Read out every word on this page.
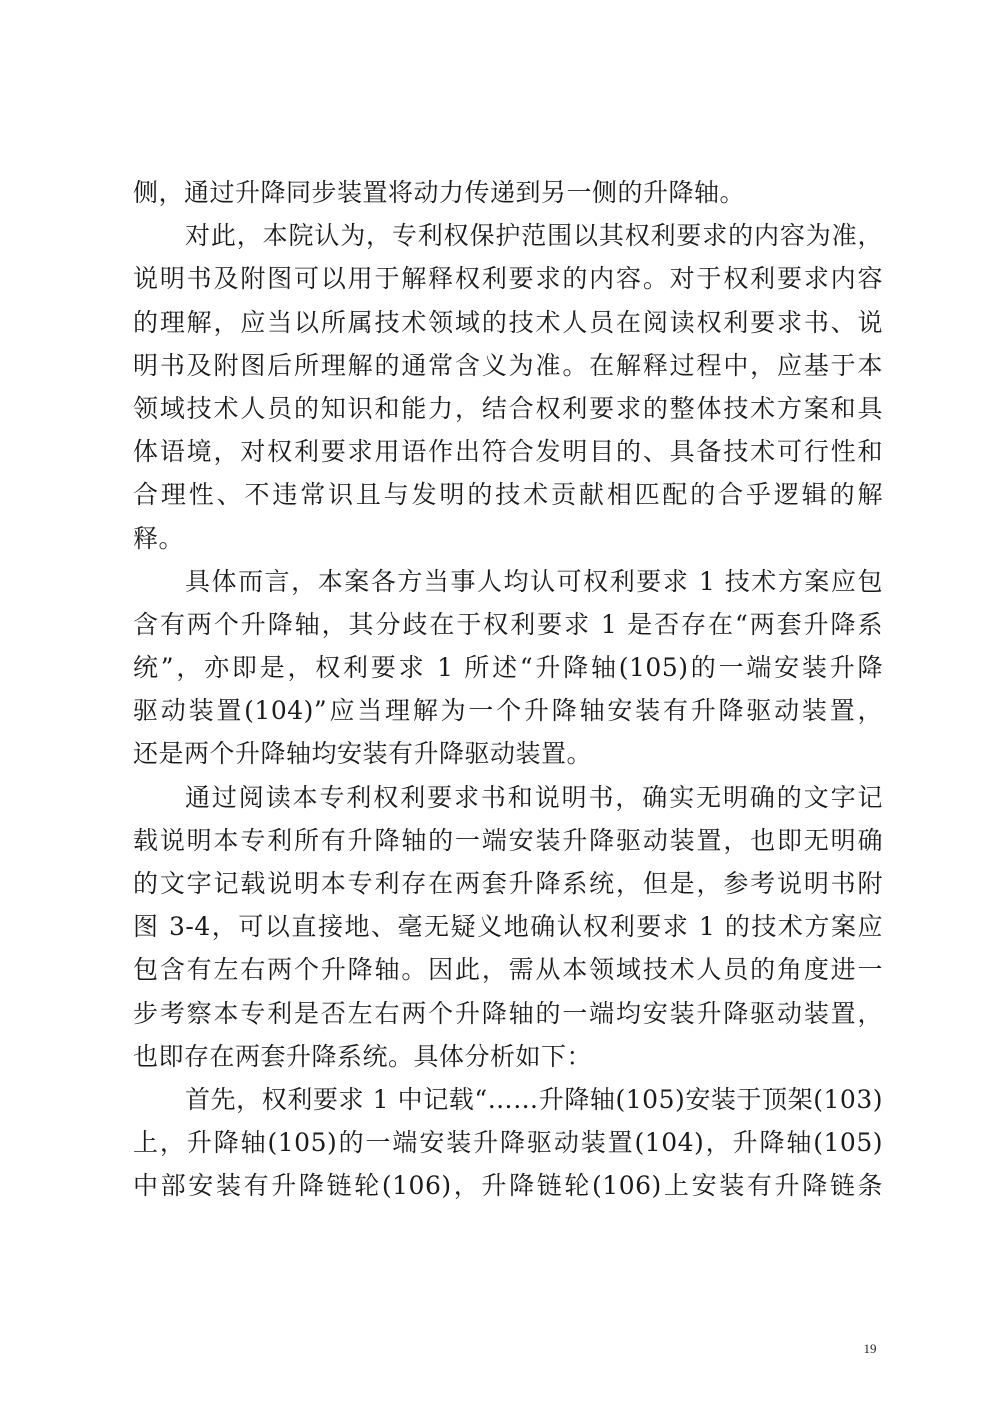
侧，通过升降同步装置将动力传递到另一侧的升降轴。
对此，本院认为，专利权保护范围以其权利要求的内容为准，
说明书及附图可以用于解释权利要求的内容。对于权利要求内容
的理解，应当以所属技术领域的技术人员在阅读权利要求书、说
明书及附图后所理解的通常含义为准。在解释过程中，应基于本
领域技术人员的知识和能力，结合权利要求的整体技术方案和具
体语境，对权利要求用语作出符合发明目的、具备技术可行性和
合理性、不违常识且与发明的技术贡献相匹配的合乎逻辑的解
释。
具体而言，本案各方当事人均认可权利要求 1 技术方案应包
含有两个升降轴，其分歧在于权利要求 1 是否存在“两套升降系
统”，亦即是，权利要求 1 所述“升降轴(105)的一端安装升降
驱动装置(104)”应当理解为一个升降轴安装有升降驱动装置，
还是两个升降轴均安装有升降驱动装置。
通过阅读本专利权利要求书和说明书，确实无明确的文字记
载说明本专利所有升降轴的一端安装升降驱动装置，也即无明确
的文字记载说明本专利存在两套升降系统，但是，参考说明书附
图 3-4，可以直接地、毫无疑义地确认权利要求 1 的技术方案应
包含有左右两个升降轴。因此，需从本领域技术人员的角度进一
步考察本专利是否左右两个升降轴的一端均安装升降驱动装置，
也即存在两套升降系统。具体分析如下：
首先，权利要求 1 中记载“……升降轴(105)安装于顶架(103)
上，升降轴(105)的一端安装升降驱动装置(104)，升降轴(105)
中部安装有升降链轮(106)，升降链轮(106)上安装有升降链条
19
